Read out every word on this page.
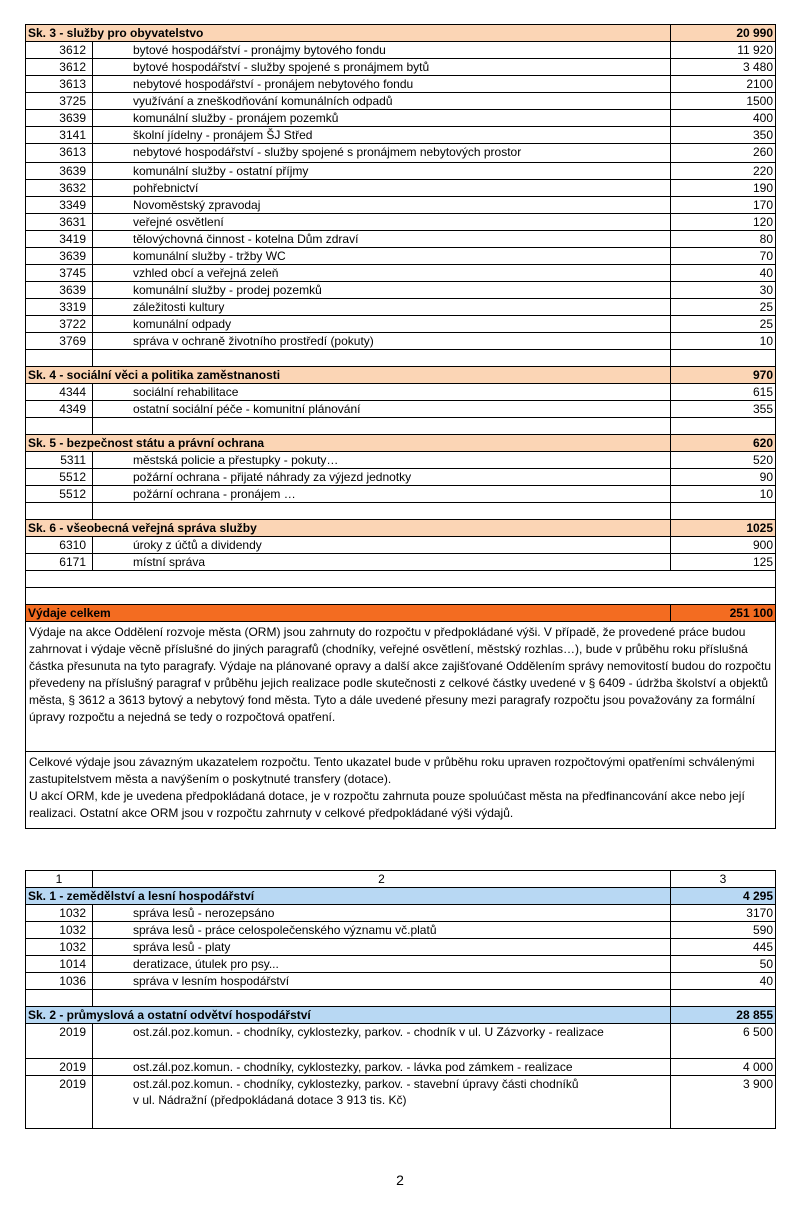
Sk. 3 - služby pro obyvatelstvo		20 990
3612	bytové hospodářství - pronájmy bytového fondu	11 920
3612	bytové hospodářství - služby spojené s pronájmem bytů	3 480
3613	nebytové hospodářství - pronájem nebytového fondu	2100
3725	využívání a zneškodňování komunálních odpadů	1500
3639	komunální služby - pronájem pozemků	400
3141	školní jídelny - pronájem ŠJ Střed	350
3613	nebytové hospodářství - služby spojené s pronájmem nebytových prostor	260
3639	komunální služby - ostatní příjmy	220
3632	pohřebnictví	190
3349	Novoměstský zpravodaj	170
3631	veřejné osvětlení	120
3419	tělovýchovná činnost - kotelna Dům zdraví	80
3639	komunální služby - tržby WC	70
3745	vzhled obcí a veřejná zeleň	40
3639	komunální služby - prodej pozemků	30
3319	záležitosti kultury	25
3722	komunální odpady	25
3769	správa v ochraně životního prostředí (pokuty)	10

Sk. 4 - sociální věci a politika zaměstnanosti		970
4344	sociální rehabilitace	615
4349	ostatní sociální péče - komunitní plánování	355

Sk. 5 - bezpečnost státu a právní ochrana		620
5311	městská policie a přestupky - pokuty…	520
5512	požární ochrana - přijaté náhrady za výjezd jednotky	90
5512	požární ochrana - pronájem …	10

Sk. 6 - všeobecná veřejná správa služby		1025
6310	úroky z účtů a dividendy	900
6171	místní správa	125

Výdaje celkem		251 100
Výdaje na akce Oddělení rozvoje města (ORM) jsou zahrnuty do rozpočtu v předpokládané výši. V případě, že provedené práce budou zahrnovat i výdaje věcně příslušné do jiných paragrafů (chodníky, veřejné osvětlení, městský rozhlas…), bude v průběhu roku příslušná částka přesunuta na tyto paragrafy. Výdaje na plánované opravy a další akce zajišťované Oddělením správy nemovitostí budou do rozpočtu převedeny na příslušný paragraf v průběhu jejich realizace podle skutečnosti z celkové částky uvedené v § 6409 - údržba školství a objektů města, § 3612 a 3613 bytový a nebytový fond města. Tyto a dále uvedené přesuny mezi paragrafy rozpočtu jsou považovány za formální úpravy rozpočtu a nejedná se tedy o rozpočtová opatření.		

Celkové výdaje jsou závazným ukazatelem rozpočtu. Tento ukazatel bude v průběhu roku upraven rozpočtovými opatřeními schválenými zastupitelstvem města a navýšením o poskytnuté transfery (dotace).
U akcí ORM, kde je uvedena předpokládaná dotace, je v rozpočtu zahrnuta pouze spoluúčast města na předfinancování akce nebo její realizaci. Ostatní akce ORM jsou v rozpočtu zahrnuty v celkové předpokládané výši výdajů.		
1	2	3
Sk. 1 - zemědělství a lesní hospodářství		4 295
1032	správa lesů - nerozepsáno	3170
1032	správa lesů - práce celospolečenského významu vč.platů	590
1032	správa lesů - platy	445
1014	deratizace, útulek pro psy...	50
1036	správa v lesním hospodářství	40

Sk. 2 - průmyslová a ostatní odvětví hospodářství		28 855
2019	ost.zál.poz.komun. - chodníky, cyklostezky, parkov. - chodník v ul. U Zázvorky - realizace	6 500
2019	ost.zál.poz.komun. - chodníky, cyklostezky, parkov. - lávka pod zámkem - realizace	4 000
2019	ost.zál.poz.komun. - chodníky, cyklostezky, parkov. - stavební úpravy části chodníků
v ul. Nádražní (předpokládaná dotace 3 913 tis. Kč)	3 900
2
